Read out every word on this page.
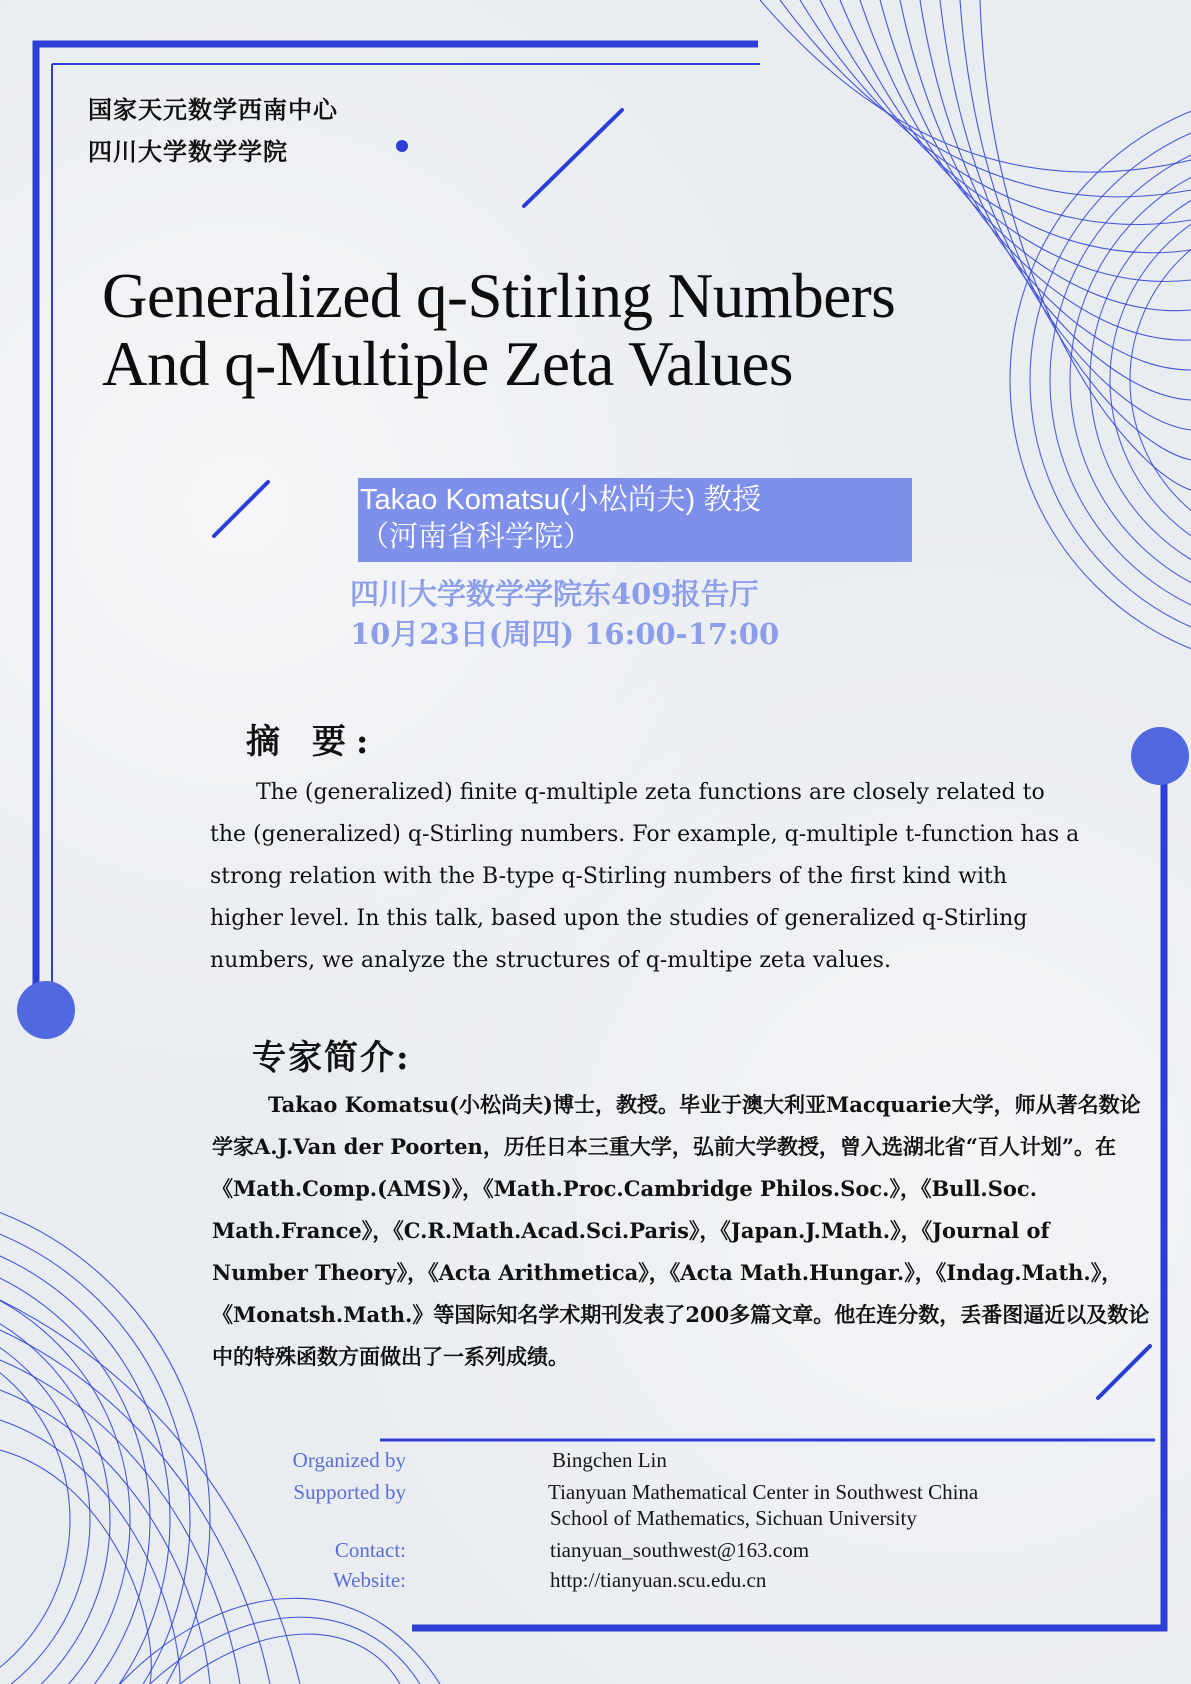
国家天元数学西南中心
四川大学数学学院
Generalized q-Stirling Numbers
And q-Multiple Zeta Values
Takao Komatsu(小松尚夫) 教授
（河南省科学院）
四川大学数学学院东409报告厅
10月23日(周四) 16:00-17:00
摘 要:
The (generalized) finite q-multiple zeta functions are closely related to the (generalized) q-Stirling numbers. For example, q-multiple t-function has a strong relation with the B-type q-Stirling numbers of the first kind with higher level. In this talk, based upon the studies of generalized q-Stirling numbers, we analyze the structures of q-multipe zeta values.
专家简介:
Takao Komatsu(小松尚夫)博士，教授。毕业于澳大利亚Macquarie大学，师从著名数论学家A.J.Van der Poorten，历任日本三重大学，弘前大学教授，曾入选湖北省“百人计划”。在《Math.Comp.(AMS)》，《Math.Proc.Cambridge Philos.Soc.》，《Bull.Soc. Math.France》，《C.R.Math.Acad.Sci.Paris》，《Japan.J.Math.》，《Journal of Number Theory》，《Acta Arithmetica》，《Acta Math.Hungar.》，《Indag.Math.》，《Monatsh.Math.》等国际知名学术期刊发表了200多篇文章。他在连分数，丢番图逼近以及数论中的特殊函数方面做出了一系列成绩。
Organized by	Bingchen Lin
Supported by	Tianyuan Mathematical Center in Southwest China
School of Mathematics, Sichuan University
Contact:	tianyuan_southwest@163.com
Website:	http://tianyuan.scu.edu.cn
